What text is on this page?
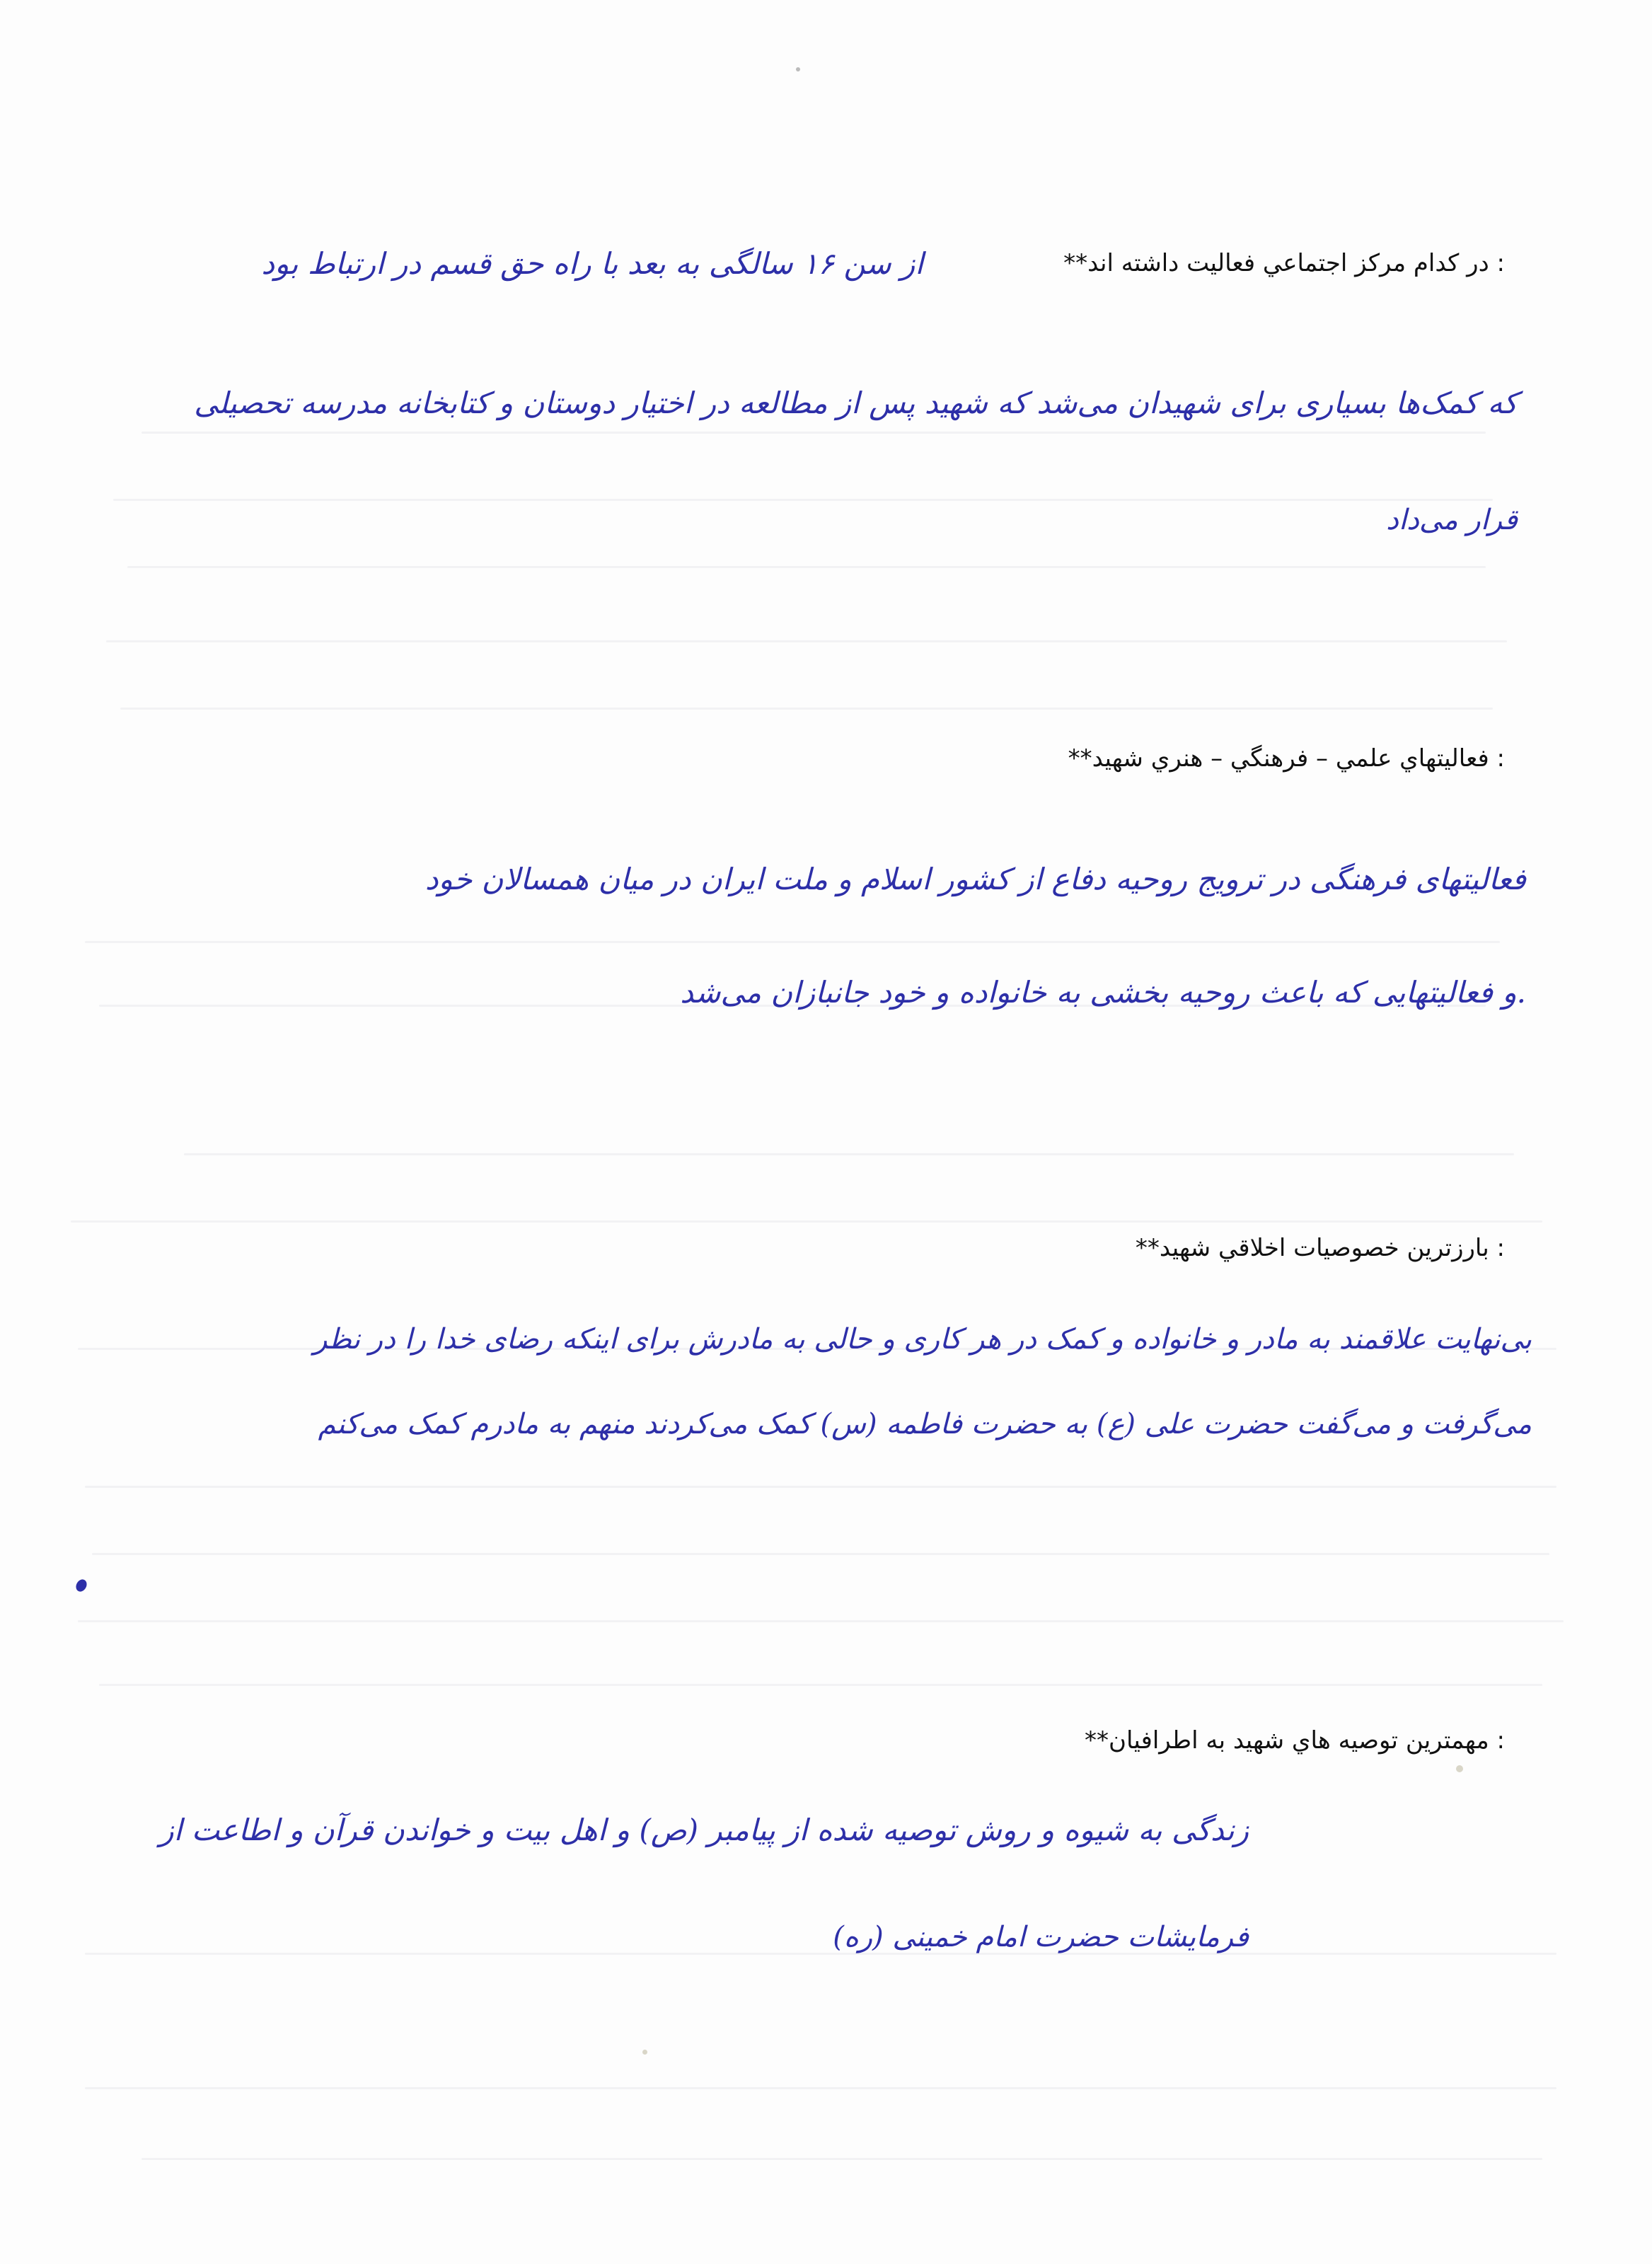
**در كدام مركز اجتماعي فعاليت داشته اند :
از سن ۱۶ سالگی به بعد با راه حق قسم در ارتباط بود
که کمک‌ها بسیاری برای شهیدان می‌شد که شهید پس از مطالعه در اختیار دوستان و کتابخانه مدرسه تحصیلی
قرار می‌داد
**فعاليتهاي علمي – فرهنگي – هنري شهيد :
فعالیتهای فرهنگی در ترویج روحیه دفاع از کشور اسلام و ملت ایران در میان همسالان خود
و فعالیتهایی که باعث روحیه بخشی به خانواده و خود جانبازان می‌شد.
**بارزترين خصوصيات اخلاقي شهيد :
بی‌نهایت علاقمند به مادر و خانواده و کمک در هر کاری و حالی به مادرش برای اینکه رضای خدا را در نظر
می‌گرفت و می‌گفت حضرت علی (ع) به حضرت فاطمه (س) کمک می‌کردند منهم به مادرم کمک می‌کنم
**مهمترين توصيه هاي شهيد به اطرافيان :
زندگی به شیوه و روش توصیه شده از پیامبر (ص) و اهل بیت و خواندن قرآن و اطاعت از
فرمایشات حضرت امام خمینی (ره)
